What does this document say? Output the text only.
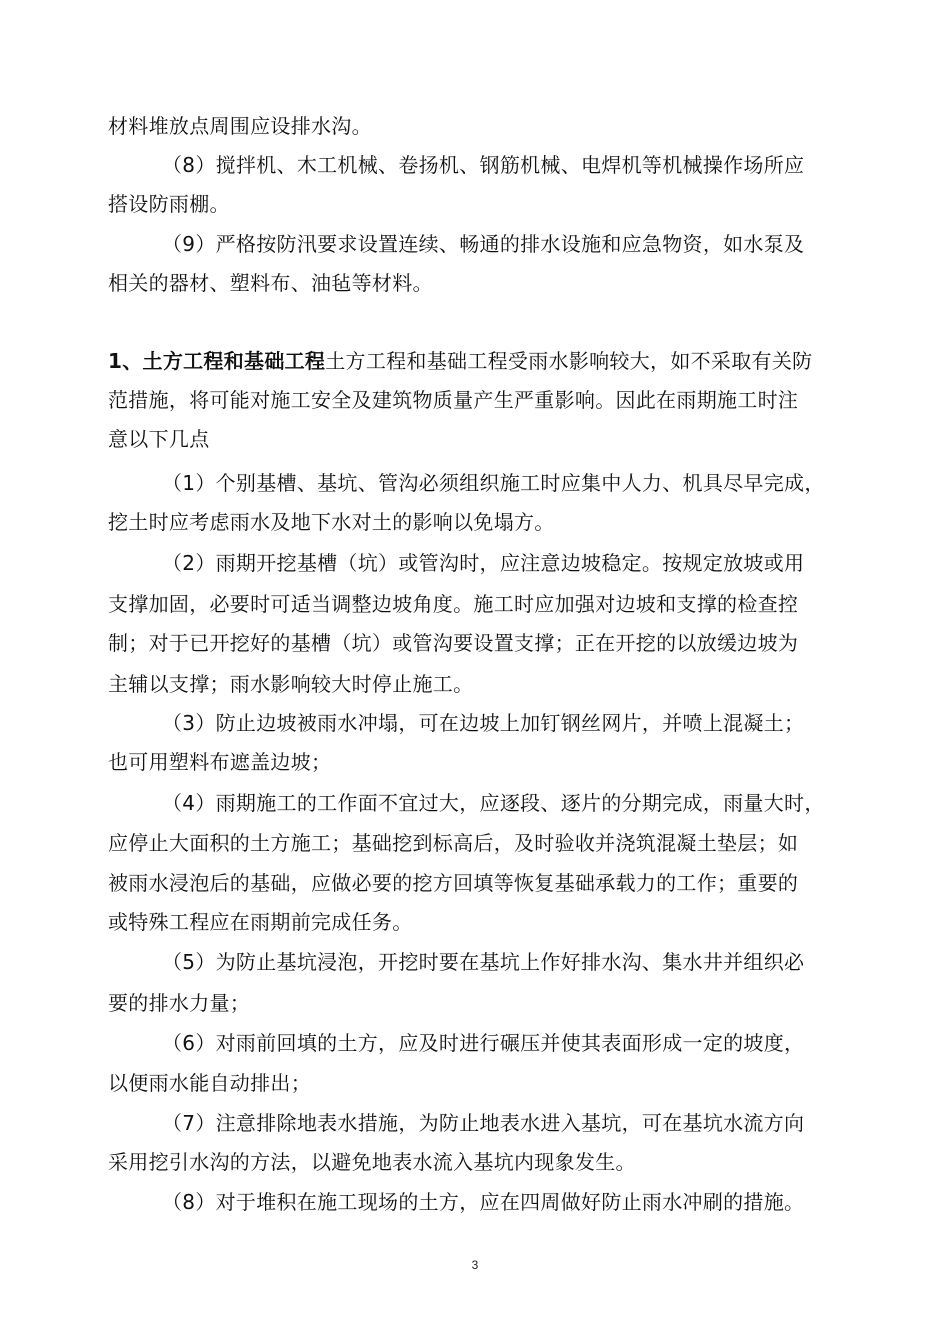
材料堆放点周围应设排水沟。
（8）搅拌机、木工机械、卷扬机、钢筋机械、电焊机等机械操作场所应
搭设防雨棚。
（9）严格按防汛要求设置连续、畅通的排水设施和应急物资，如水泵及
相关的器材、塑料布、油毡等材料。
1、土方工程和基础工程土方工程和基础工程受雨水影响较大，如不采取有关防
范措施，将可能对施工安全及建筑物质量产生严重影响。因此在雨期施工时注
意以下几点
（1）个别基槽、基坑、管沟必须组织施工时应集中人力、机具尽早完成，
挖土时应考虑雨水及地下水对土的影响以免塌方。
（2）雨期开挖基槽（坑）或管沟时，应注意边坡稳定。按规定放坡或用
支撑加固，必要时可适当调整边坡角度。施工时应加强对边坡和支撑的检查控
制；对于已开挖好的基槽（坑）或管沟要设置支撑；正在开挖的以放缓边坡为
主辅以支撑；雨水影响较大时停止施工。
（3）防止边坡被雨水冲塌，可在边坡上加钉钢丝网片，并喷上混凝土；
也可用塑料布遮盖边坡；
（4）雨期施工的工作面不宜过大，应逐段、逐片的分期完成，雨量大时，
应停止大面积的土方施工；基础挖到标高后，及时验收并浇筑混凝土垫层；如
被雨水浸泡后的基础，应做必要的挖方回填等恢复基础承载力的工作；重要的
或特殊工程应在雨期前完成任务。
（5）为防止基坑浸泡，开挖时要在基坑上作好排水沟、集水井并组织必
要的排水力量；
（6）对雨前回填的土方，应及时进行碾压并使其表面形成一定的坡度，
以便雨水能自动排出；
（7）注意排除地表水措施，为防止地表水进入基坑，可在基坑水流方向
采用挖引水沟的方法，以避免地表水流入基坑内现象发生。
（8）对于堆积在施工现场的土方，应在四周做好防止雨水冲刷的措施。
3
